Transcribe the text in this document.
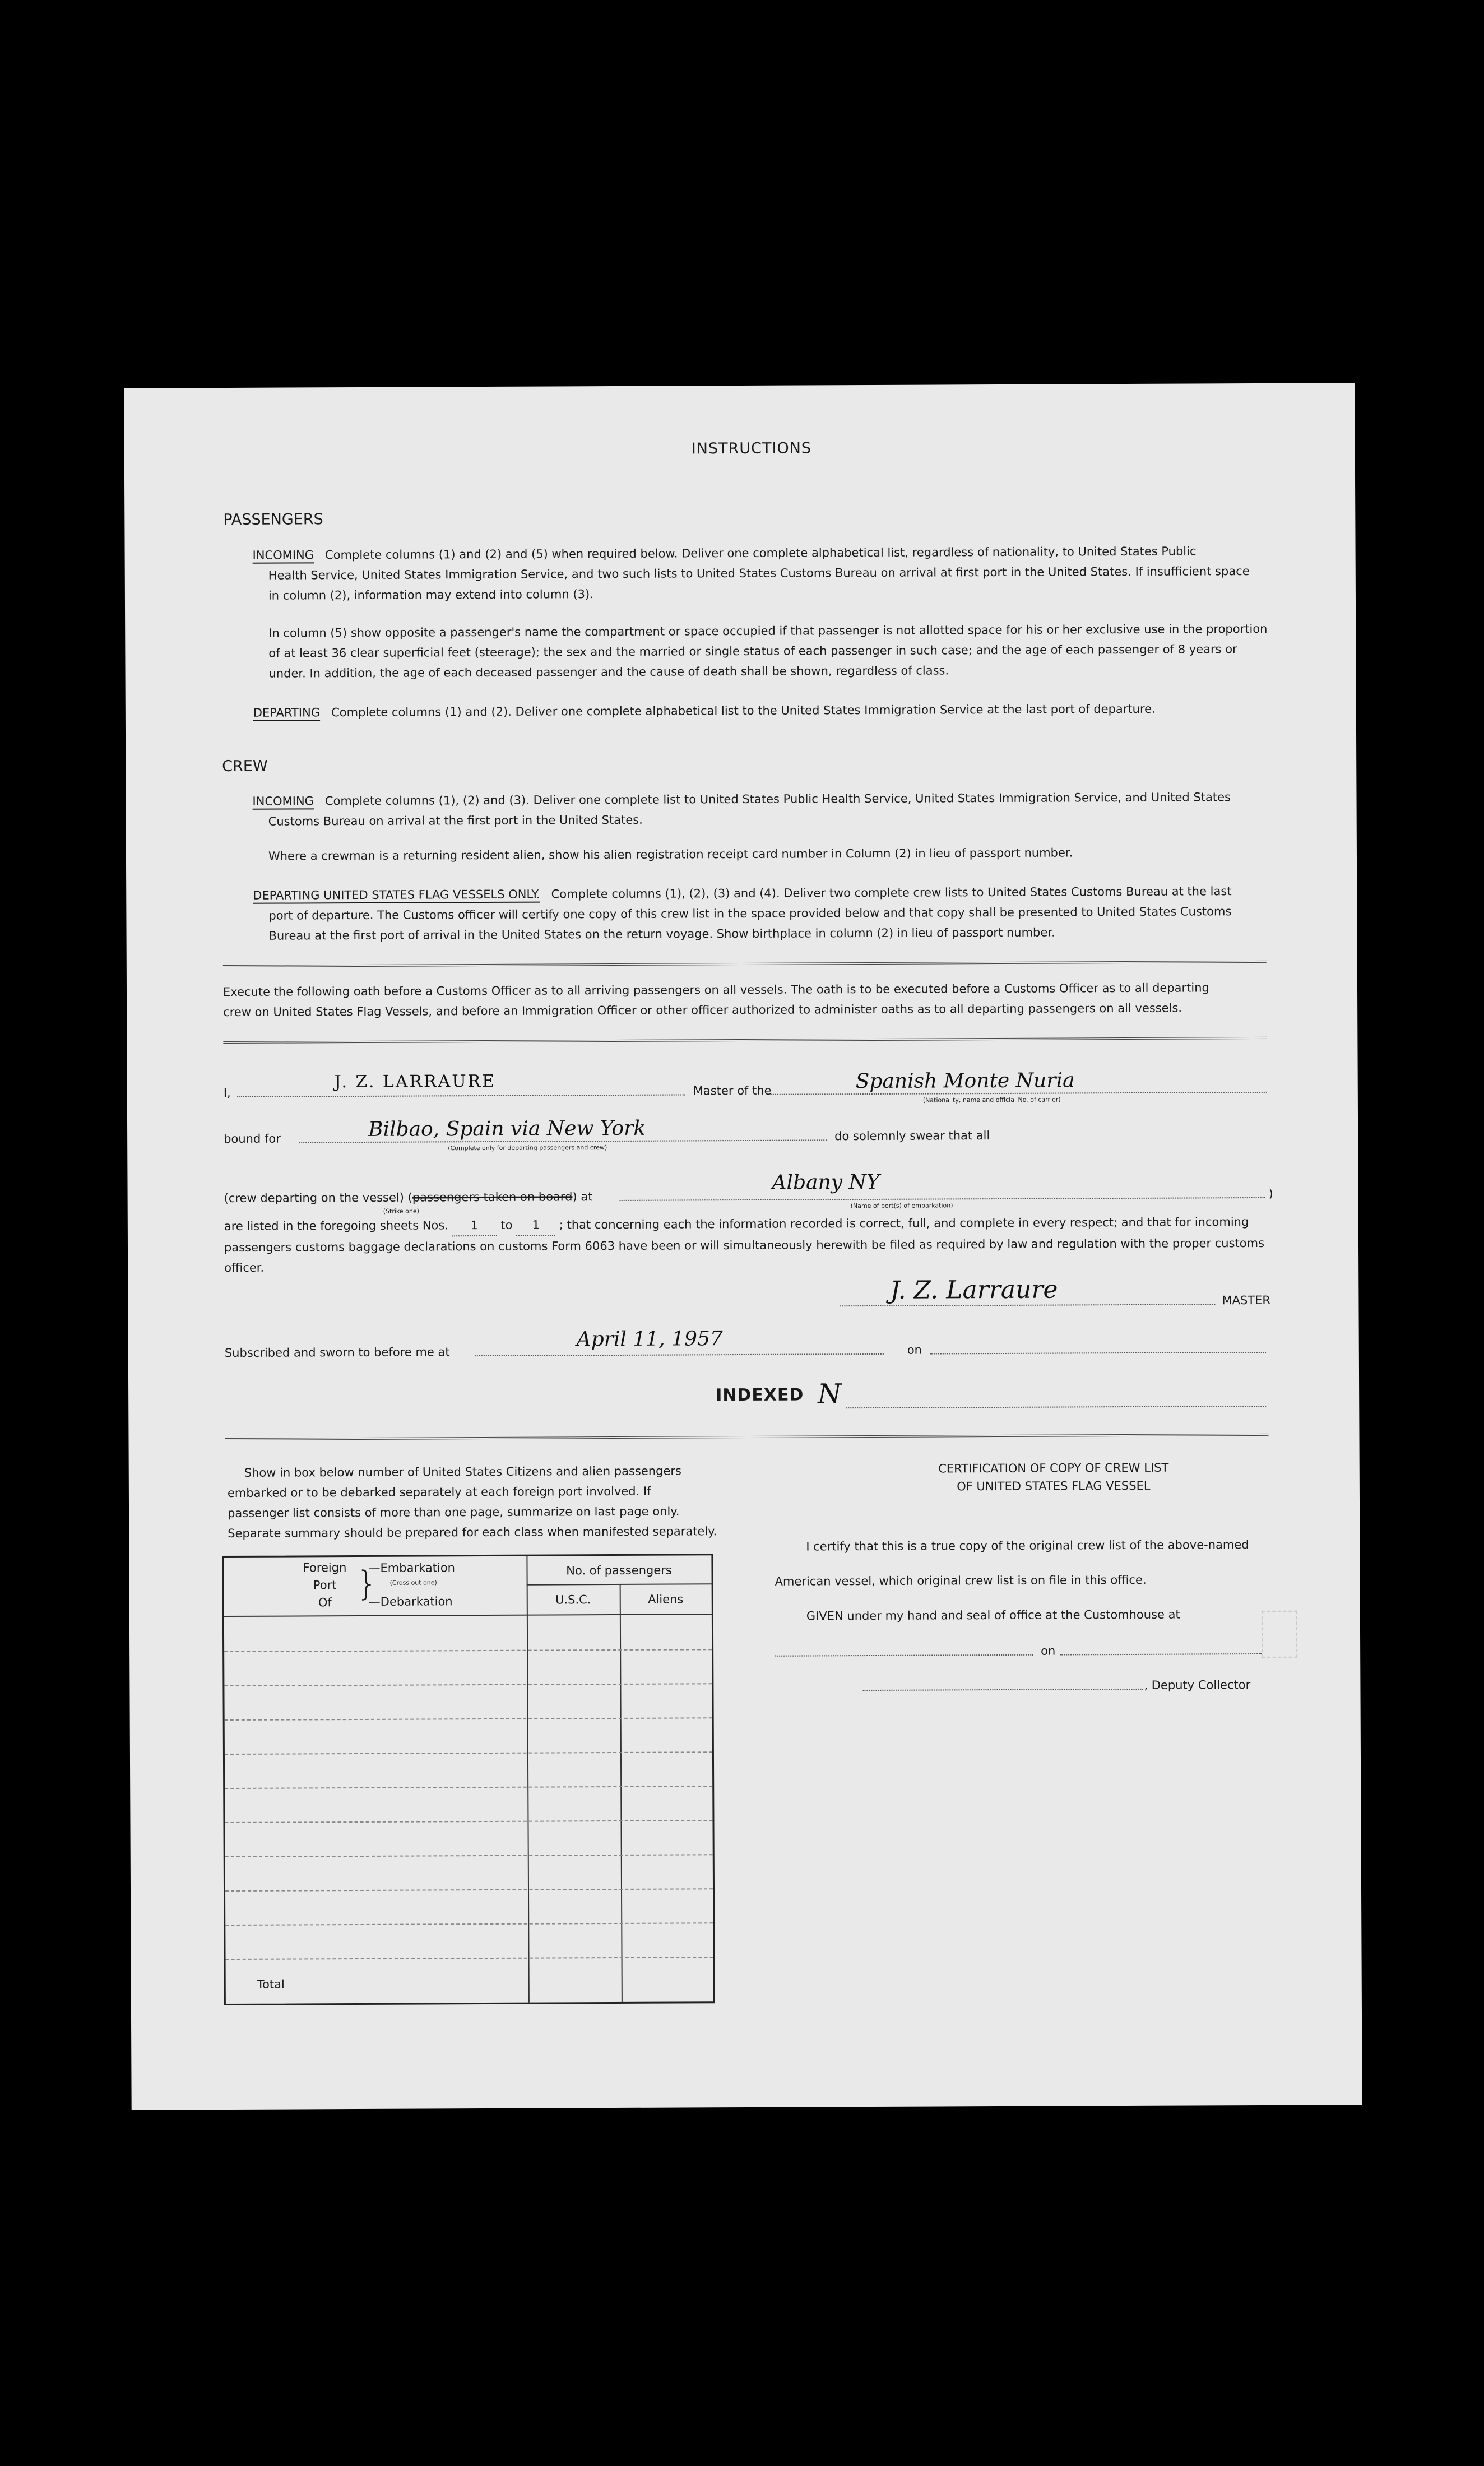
INSTRUCTIONS
PASSENGERS
INCOMING Complete columns (1) and (2) and (5) when required below. Deliver one complete alphabetical list, regardless of nationality, to United States Public
Health Service, United States Immigration Service, and two such lists to United States Customs Bureau on arrival at first port in the United States. If insufficient space
in column (2), information may extend into column (3).
In column (5) show opposite a passenger's name the compartment or space occupied if that passenger is not allotted space for his or her exclusive use in the proportion
of at least 36 clear superficial feet (steerage); the sex and the married or single status of each passenger in such case; and the age of each passenger of 8 years or
under. In addition, the age of each deceased passenger and the cause of death shall be shown, regardless of class.
DEPARTING Complete columns (1) and (2). Deliver one complete alphabetical list to the United States Immigration Service at the last port of departure.
CREW
INCOMING Complete columns (1), (2) and (3). Deliver one complete list to United States Public Health Service, United States Immigration Service, and United States
Customs Bureau on arrival at the first port in the United States.
Where a crewman is a returning resident alien, show his alien registration receipt card number in Column (2) in lieu of passport number.
DEPARTING UNITED STATES FLAG VESSELS ONLY. Complete columns (1), (2), (3) and (4). Deliver two complete crew lists to United States Customs Bureau at the last
port of departure. The Customs officer will certify one copy of this crew list in the space provided below and that copy shall be presented to United States Customs
Bureau at the first port of arrival in the United States on the return voyage. Show birthplace in column (2) in lieu of passport number.
Execute the following oath before a Customs Officer as to all arriving passengers on all vessels. The oath is to be executed before a Customs Officer as to all departing
crew on United States Flag Vessels, and before an Immigration Officer or other officer authorized to administer oaths as to all departing passengers on all vessels.
I,
J. Z. LARRAURE	Master of the	Spanish Monte Nuria
(Nationality, name and official No. of carrier)
bound for	Bilbao, Spain via New York
(Complete only for departing passengers and crew)
do solemnly swear that all
(crew departing on the vessel) (passengers taken on board) at
(Strike one)
Albany NY
(Name of port(s) of embarkation)
)
are listed in the foregoing sheets Nos. 1 to 1 ; that concerning each the information recorded is correct, full, and complete in every respect; and that for incoming
passengers customs baggage declarations on customs Form 6063 have been or will simultaneously herewith be filed as required by law and regulation with the proper customs
officer.
J. Z. Larraure	MASTER
Subscribed and sworn to before me at
April 11, 1957	on
INDEXED N
Show in box below number of United States Citizens and alien passengers
embarked or to be debarked separately at each foreign port involved. If
passenger list consists of more than one page, summarize on last page only.
Separate summary should be prepared for each class when manifested separately.
Foreign
Port
Of }
—Embarkation
(Cross out one)
—Debarkation
No. of passengers
U.S.C.	Aliens
Total
CERTIFICATION OF COPY OF CREW LIST
OF UNITED STATES FLAG VESSEL
I certify that this is a true copy of the original crew list of the above-named
American vessel, which original crew list is on file in this office.
GIVEN under my hand and seal of office at the Customhouse at
on
, Deputy Collector
